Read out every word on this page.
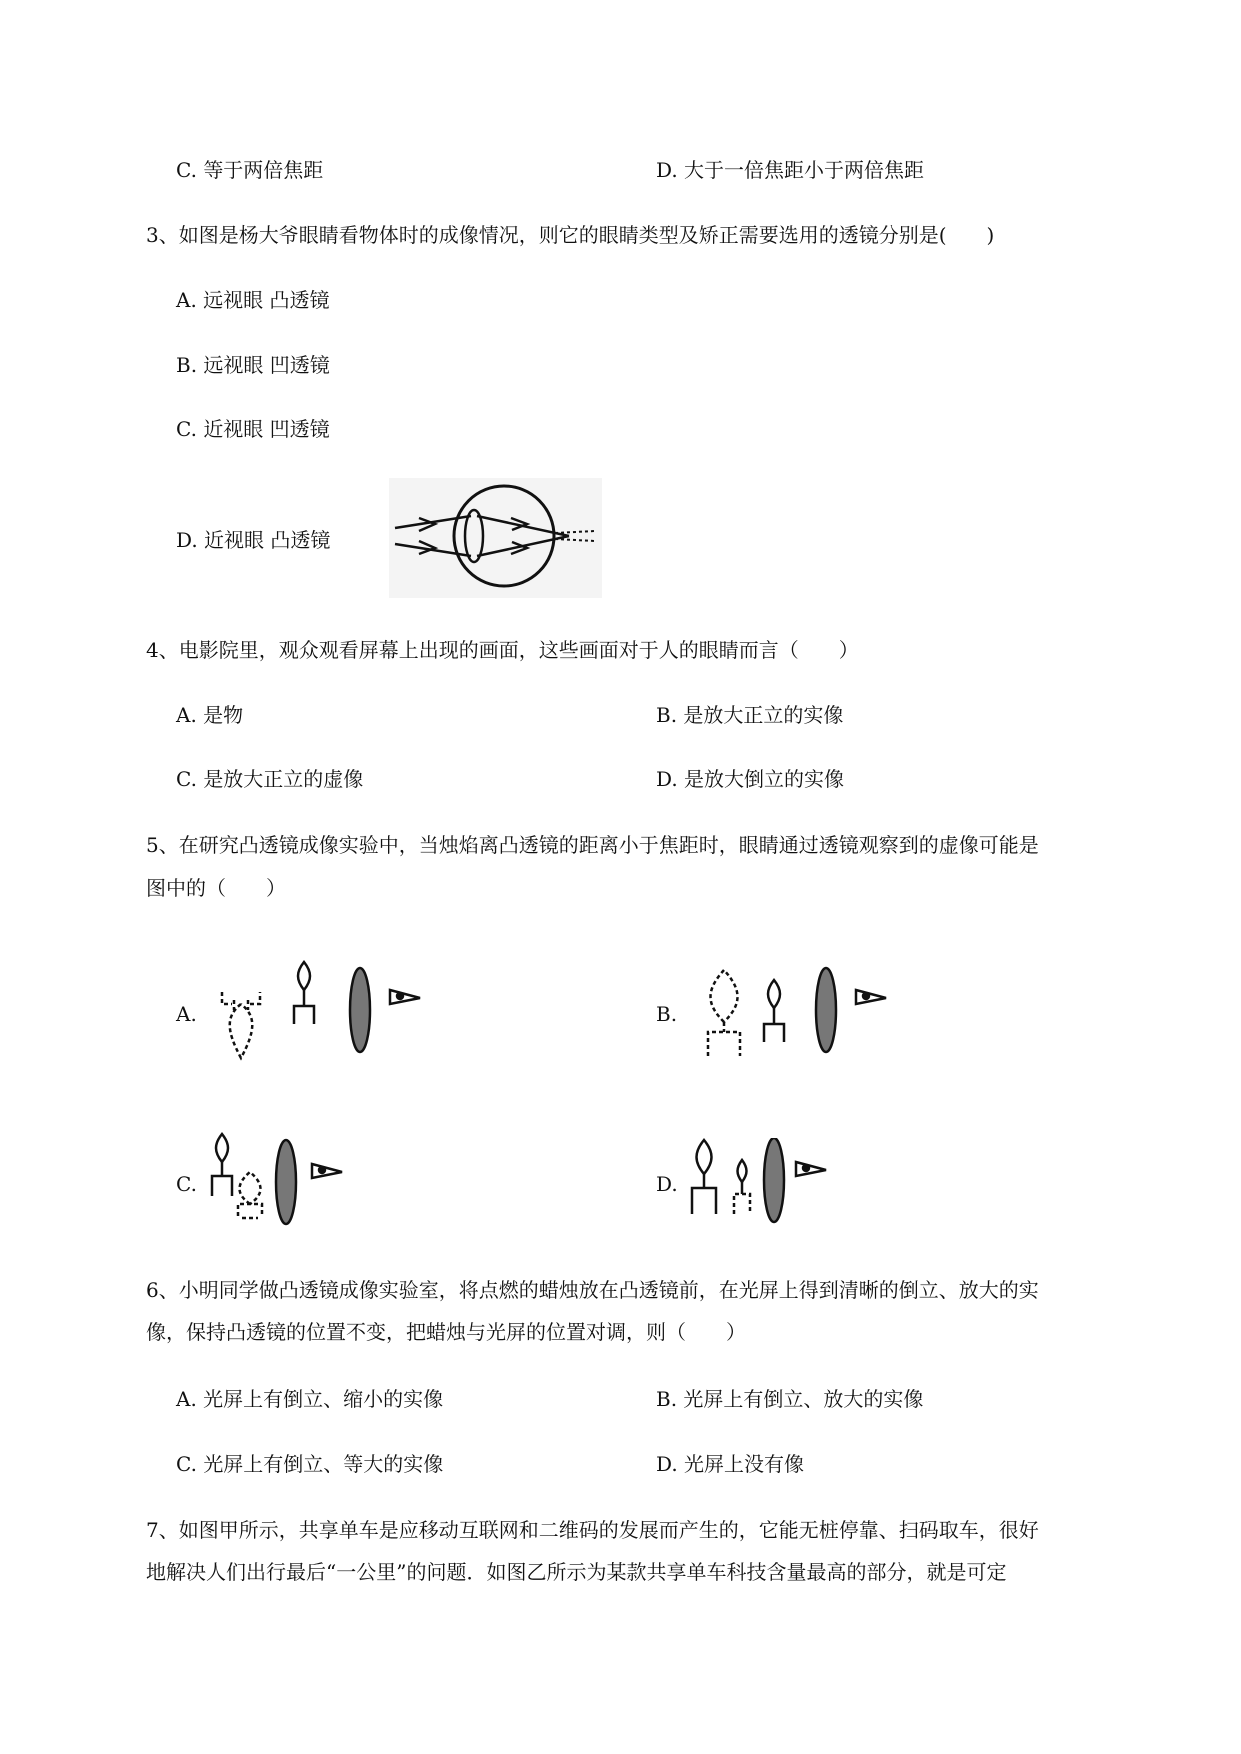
C. 等于两倍焦距	D. 大于一倍焦距小于两倍焦距
3、如图是杨大爷眼睛看物体时的成像情况，则它的眼睛类型及矫正需要选用的透镜分别是(　　)
A. 远视眼 凸透镜
B. 远视眼 凹透镜
C. 近视眼 凹透镜
D. 近视眼 凸透镜
4、电影院里，观众观看屏幕上出现的画面，这些画面对于人的眼睛而言（　　）
A. 是物	B. 是放大正立的实像
C. 是放大正立的虚像	D. 是放大倒立的实像
5、在研究凸透镜成像实验中，当烛焰离凸透镜的距离小于焦距时，眼睛通过透镜观察到的虚像可能是
图中的（　　）
A.	B.
C.	D.
6、小明同学做凸透镜成像实验室，将点燃的蜡烛放在凸透镜前，在光屏上得到清晰的倒立、放大的实
像，保持凸透镜的位置不变，把蜡烛与光屏的位置对调，则（　　）
A. 光屏上有倒立、缩小的实像	B. 光屏上有倒立、放大的实像
C. 光屏上有倒立、等大的实像	D. 光屏上没有像
7、如图甲所示，共享单车是应移动互联网和二维码的发展而产生的，它能无桩停靠、扫码取车，很好
地解决人们出行最后“一公里”的问题．如图乙所示为某款共享单车科技含量最高的部分，就是可定
